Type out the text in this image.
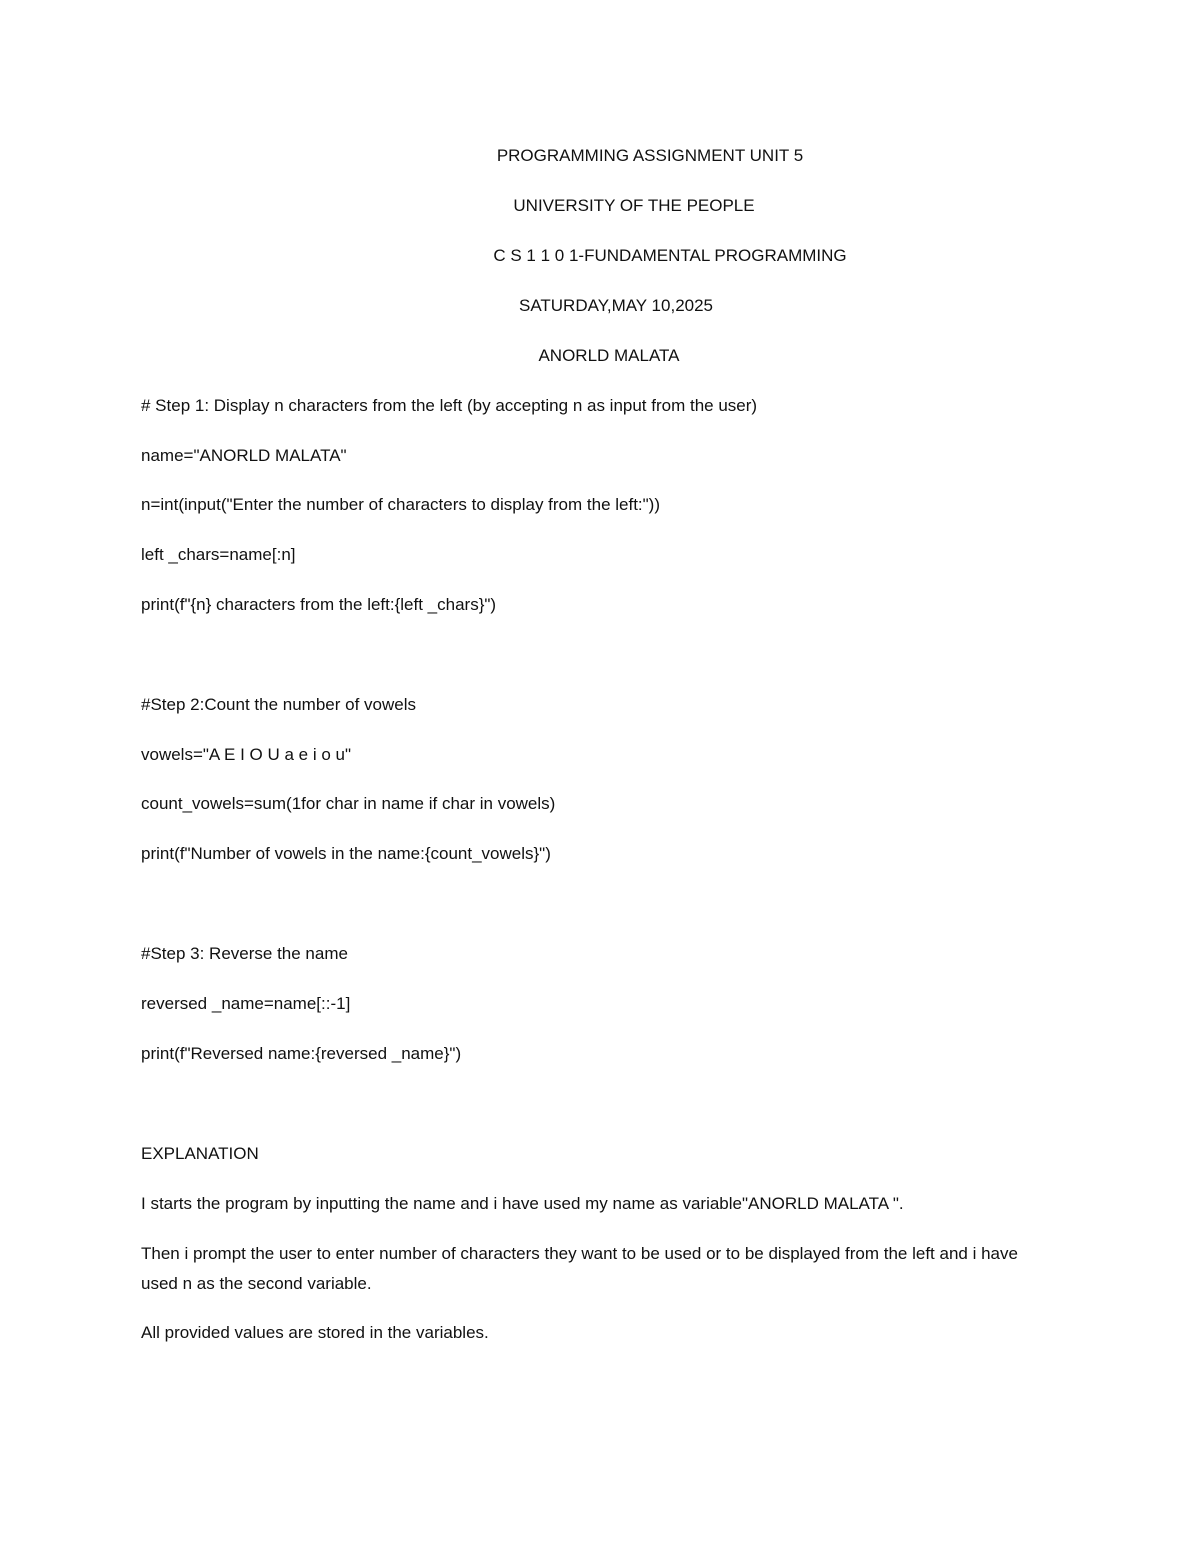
PROGRAMMING ASSIGNMENT UNIT 5
UNIVERSITY OF THE PEOPLE
C S 1 1 0 1-FUNDAMENTAL PROGRAMMING
SATURDAY,MAY 10,2025
ANORLD MALATA
# Step 1: Display n characters from the left (by accepting n as input from the user)
name="ANORLD MALATA"
n=int(input("Enter the number of characters to display from the left:"))
left _chars=name[:n]
print(f"{n} characters from the left:{left _chars}")
#Step 2:Count the number of vowels
vowels="A E I O U a e i o u"
count_vowels=sum(1for char in name if char in vowels)
print(f"Number of vowels in the name:{count_vowels}")
#Step 3: Reverse the name
reversed _name=name[::-1]
print(f"Reversed name:{reversed _name}")
EXPLANATION
I starts the program by inputting the name and i have used my name as variable"ANORLD MALATA ".
Then i prompt the user to enter number of characters they want to be used or to be displayed from the left and i have used n as the second variable.
All provided values are stored in the variables.
